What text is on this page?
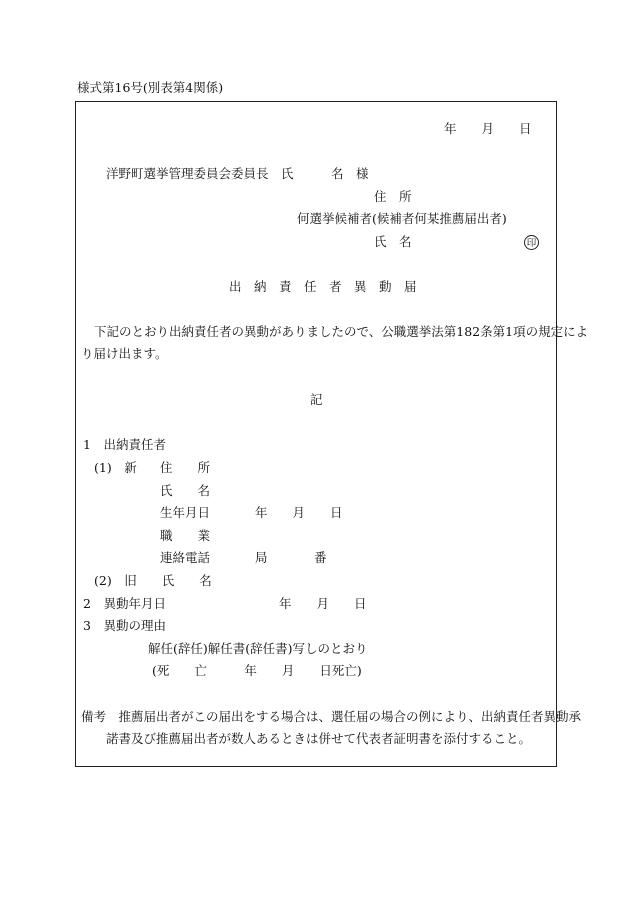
様式第16号(別表第4関係)
年　　月　　日
洋野町選挙管理委員会委員長　氏　　　名　様
住　所
何選挙候補者(候補者何某推薦届出者)
氏　名	印
出　納　責　任　者　異　動　届
下記のとおり出納責任者の異動がありましたので、公職選挙法第182条第1項の規定によ
り届け出ます。
記
1　出納責任者
(1)　新 住　　所
氏　　名
生年月日	年　　月　　日
職　　業
連絡電話	局	番
(2)　旧　　氏　　名
2　異動年月日	年　　月　　日
3　異動の理由
解任(辞任)解任書(辞任書)写しのとおり
(死　　亡　　　年　　月　　日死亡)
備考　推薦届出者がこの届出をする場合は、選任届の場合の例により、出納責任者異動承
諾書及び推薦届出者が数人あるときは併せて代表者証明書を添付すること。
